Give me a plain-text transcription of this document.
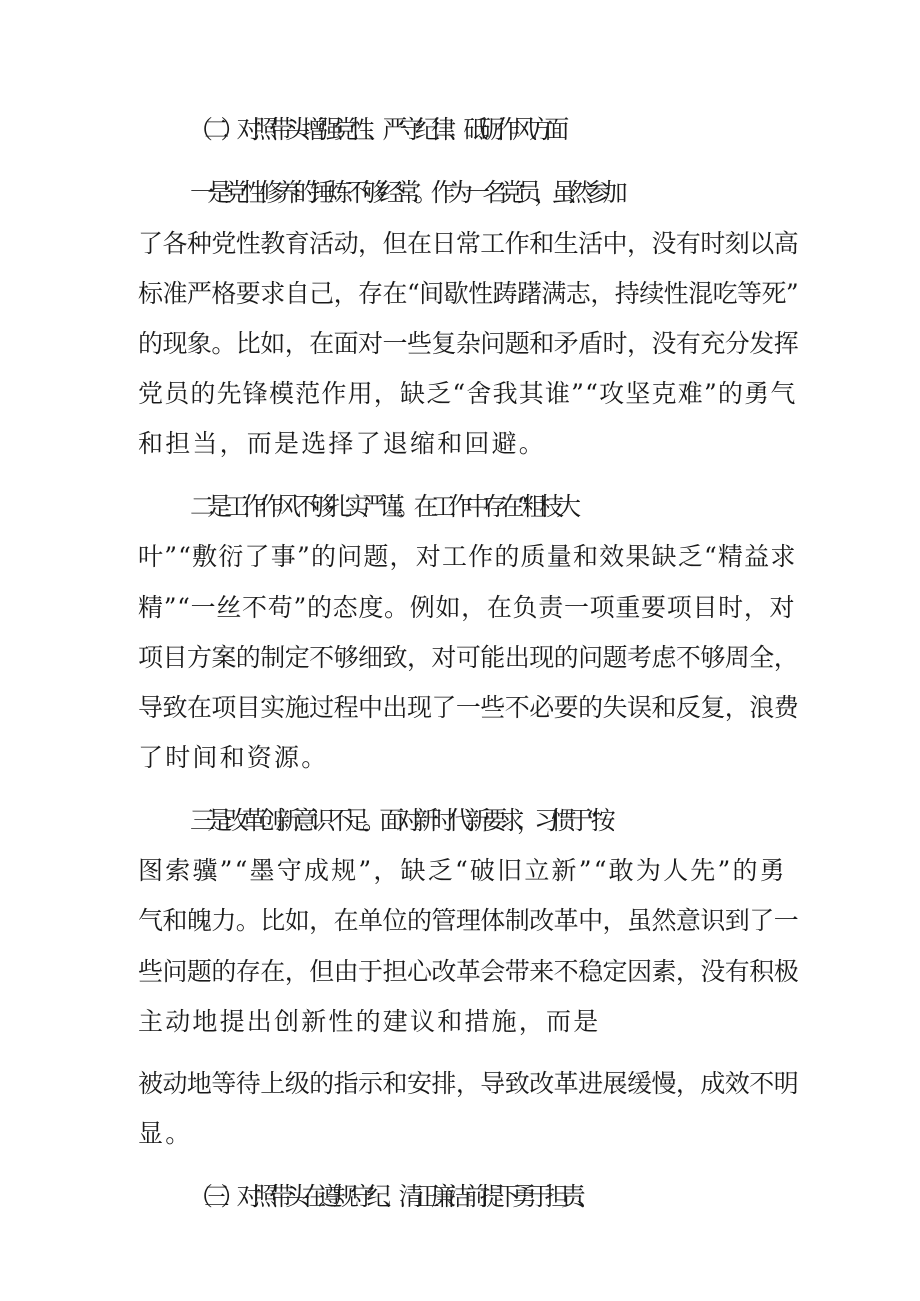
（二）对照带头增强党性、严守纪律、砥砺作风方面
一是党性修养的锤炼不够经常。作为一名党员，虽然参加
了各种党性教育活动，但在日常工作和生活中，没有时刻以高
标准严格要求自己，存在“间歇性踌躇满志，持续性混吃等死”
的现象。比如，在面对一些复杂问题和矛盾时，没有充分发挥
党员的先锋模范作用，缺乏“舍我其谁”“攻坚克难”的勇气
和担当，而是选择了退缩和回避。
二是工作作风不够扎实严谨。在工作中存在“粗枝大
叶”“敷衍了事”的问题，对工作的质量和效果缺乏“精益求
精”“一丝不苟”的态度。例如，在负责一项重要项目时，对
项目方案的制定不够细致，对可能出现的问题考虑不够周全，
导致在项目实施过程中出现了一些不必要的失误和反复，浪费
了时间和资源。
三是改革创新意识不足。面对新时代新要求，习惯于“按
图索骥”“墨守成规”，缺乏“破旧立新”“敢为人先”的勇
气和魄力。比如，在单位的管理体制改革中，虽然意识到了一
些问题的存在，但由于担心改革会带来不稳定因素，没有积极
主动地提出创新性的建议和措施，而是
被动地等待上级的指示和安排，导致改革进展缓慢，成效不明
显。
（三）对照带头在遵规守纪、清正廉洁前提下勇于担责、
